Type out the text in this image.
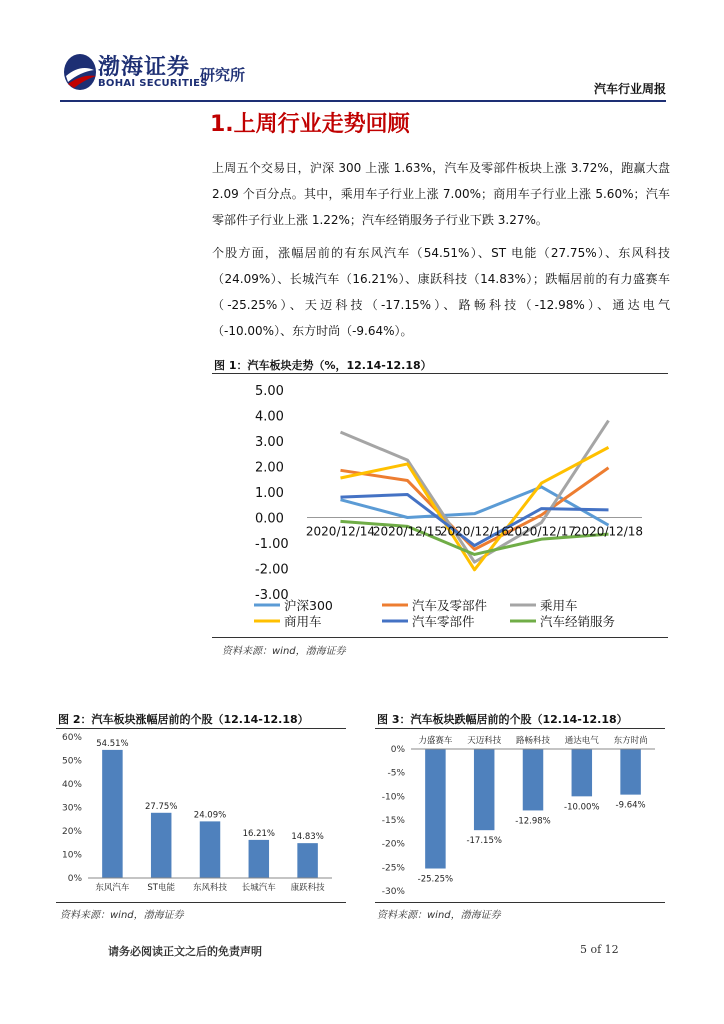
渤海证券
BOHAI SECURITIES
研究所
汽车行业周报
1.上周行业走势回顾
上周五个交易日，沪深 300 上涨 1.63%，汽车及零部件板块上涨 3.72%，跑赢大盘 2.09 个百分点。其中，乘用车子行业上涨 7.00%；商用车子行业上涨 5.60%；汽车零部件子行业上涨 1.22%；汽车经销服务子行业下跌 3.27%。
个股方面，涨幅居前的有东风汽车（54.51%）、ST 电能（27.75%）、东风科技（24.09%）、长城汽车（16.21%）、康跃科技（14.83%）；跌幅居前的有力盛赛车（-25.25%）、天迈科技（-17.15%）、路畅科技（-12.98%）、通达电气（-10.00%）、东方时尚（-9.64%）。
图 1：汽车板块走势（%，12.14-12.18）
5.00
4.00
3.00
2.00
1.00
0.00
-1.00
-2.00
-3.00
2020/12/14
2020/12/15
2020/12/16
2020/12/17
2020/12/18
沪深300	汽车及零部件	乘用车
商用车	汽车零部件	汽车经销服务
资料来源：wind，渤海证券
图 2：汽车板块涨幅居前的个股（12.14-12.18）
60%
50%
40%
30%
20%
10%
0%
54.51%
东风汽车
27.75%
ST电能
24.09%
东风科技
16.21%
长城汽车
14.83%
康跃科技
资料来源：wind，渤海证券
图 3：汽车板块跌幅居前的个股（12.14-12.18）
0%
-5%
-10%
-15%
-20%
-25%
-30%
-25.25%
力盛赛车
-17.15%
天迈科技
-12.98%
路畅科技
-10.00%
通达电气
-9.64%
东方时尚
资料来源：wind，渤海证券
请务必阅读正文之后的免责声明	5 of 12
